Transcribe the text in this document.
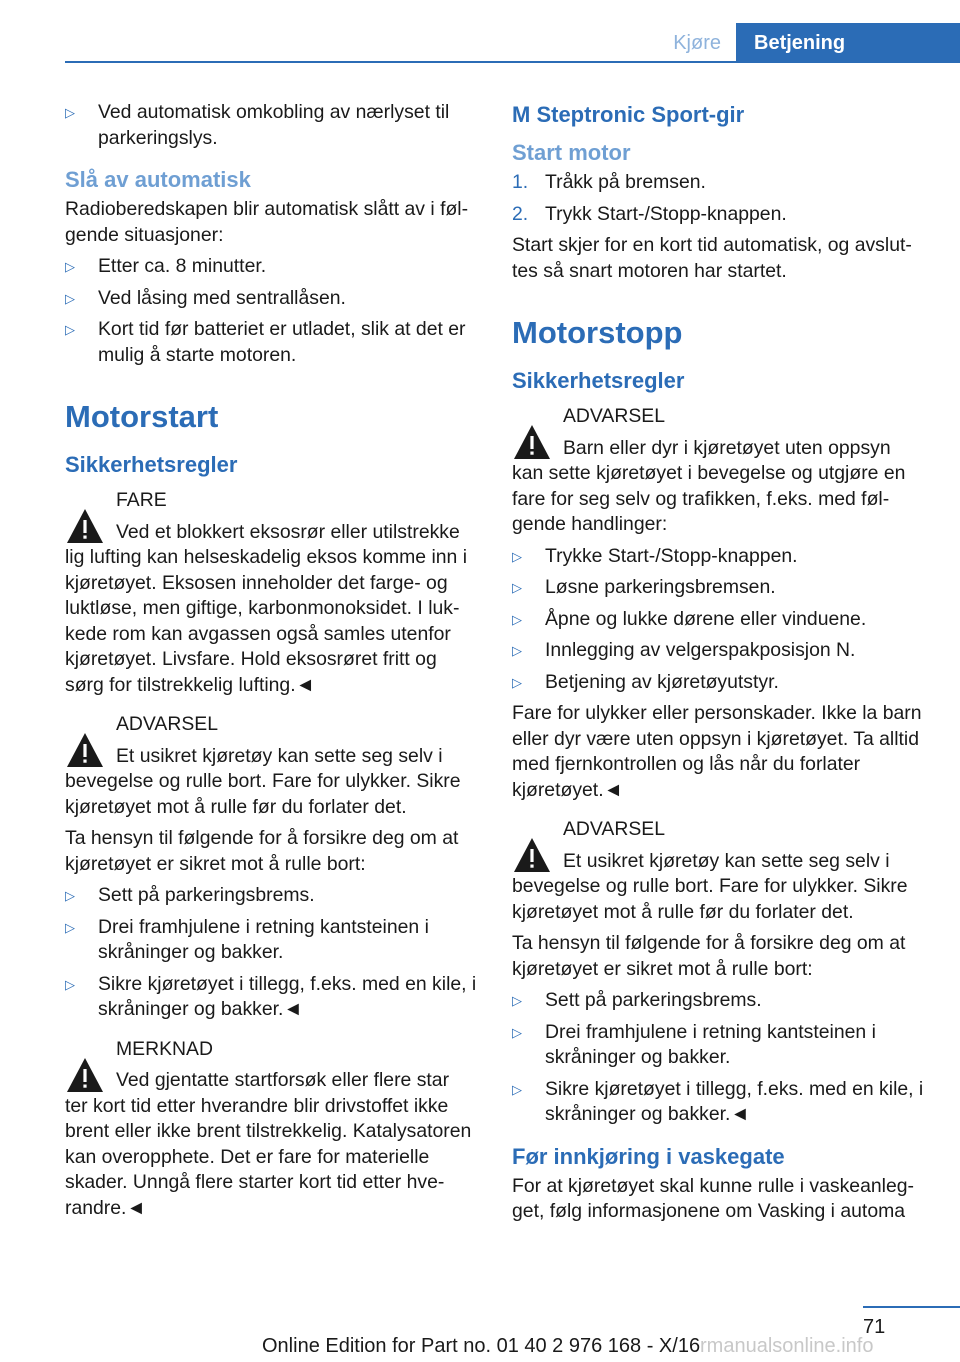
Kjøre	Betjening
▷	Ved automatisk omkobling av nærlyset til parkeringslys.
Slå av automatisk

Radioberedskapen blir automatisk slått av i følgende situasjoner:

▷	Etter ca. 8 minutter.
▷	Ved låsing med sentrallåsen.
▷	Kort tid før batteriet er utladet, slik at det er mulig å starte motoren.
Motorstart
Sikkerhetsregler
FARE
Ved et blokkert eksosrør eller utilstrekke
lig lufting kan helseskadelig eksos komme inn i kjøretøyet. Eksosen inneholder det farge- og luktløse, men giftige, karbonmonoksidet. I lukkede rom kan avgassen også samles utenfor kjøretøyet. Livsfare. Hold eksosrøret fritt og sørg for tilstrekkelig lufting.◄
ADVARSEL
Et usikret kjøretøy kan sette seg selv i
bevegelse og rulle bort. Fare for ulykker. Sikre kjøretøyet mot å rulle før du forlater det.

Ta hensyn til følgende for å forsikre deg om at kjøretøyet er sikret mot å rulle bort:

▷	Sett på parkeringsbrems.
▷	Drei framhjulene i retning kantsteinen i skråninger og bakker.
▷	Sikre kjøretøyet i tillegg, f.eks. med en kile, i skråninger og bakker.◄
MERKNAD
Ved gjentatte startforsøk eller flere star
ter kort tid etter hverandre blir drivstoffet ikke brent eller ikke brent tilstrekkelig. Katalysatoren kan overopphete. Det er fare for materielle skader. Unngå flere starter kort tid etter hverandre.◄
M Steptronic Sport-gir
Start motor
1. Tråkk på bremsen.
2. Trykk Start-/Stopp-knappen.

Start skjer for en kort tid automatisk, og avsluttes så snart motoren har startet.

Motorstopp
Sikkerhetsregler
ADVARSEL
Barn eller dyr i kjøretøyet uten oppsyn
kan sette kjøretøyet i bevegelse og utgjøre en fare for seg selv og trafikken, f.eks. med følgende handlinger:
▷	Trykke Start-/Stopp-knappen.
▷	Løsne parkeringsbremsen.
▷	Åpne og lukke dørene eller vinduene.
▷	Innlegging av velgerspakposisjon N.
▷	Betjening av kjøretøyutstyr.

Fare for ulykker eller personskader. Ikke la barn eller dyr være uten oppsyn i kjøretøyet. Ta alltid med fjernkontrollen og lås når du forlater kjøretøyet.◄

ADVARSEL
Et usikret kjøretøy kan sette seg selv i
bevegelse og rulle bort. Fare for ulykker. Sikre kjøretøyet mot å rulle før du forlater det.

Ta hensyn til følgende for å forsikre deg om at kjøretøyet er sikret mot å rulle bort:

▷	Sett på parkeringsbrems.
▷	Drei framhjulene i retning kantsteinen i skråninger og bakker.
▷	Sikre kjøretøyet i tillegg, f.eks. med en kile, i skråninger og bakker.◄
Før innkjøring i vaskegate

For at kjøretøyet skal kunne rulle i vaskeanlegget, følg informasjonene om Vasking i automa

71
Online Edition for Part no. 01 40 2 976 168 - X/16 rmanualsonline.info
